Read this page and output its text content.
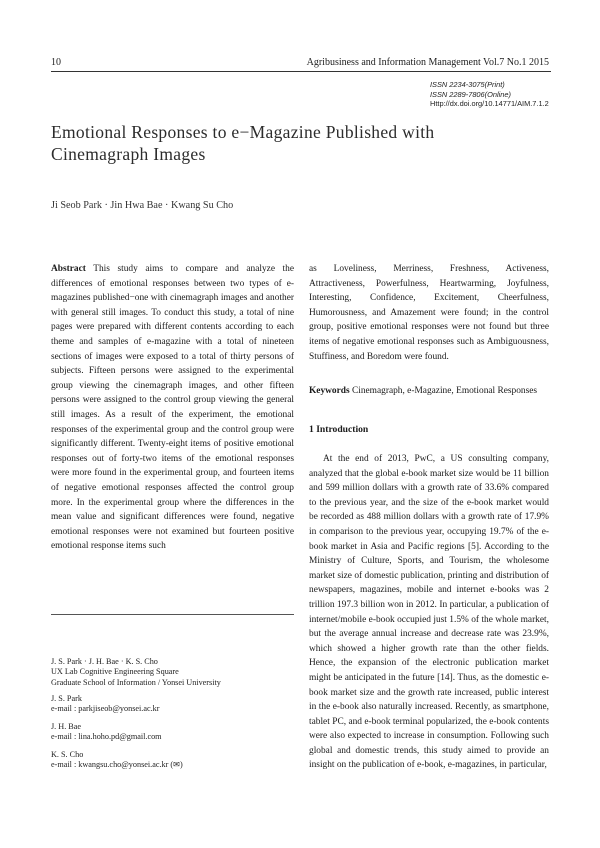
10	Agribusiness and Information Management Vol.7 No.1 2015
ISSN 2234-3075(Print)
ISSN 2289-7806(Online)
Http://dx.doi.org/10.14771/AIM.7.1.2
Emotional Responses to e−Magazine Published with
Cinemagraph Images
Ji Seob Park · Jin Hwa Bae · Kwang Su Cho

Abstract This study aims to compare and analyze the differences of emotional responses between two types of e-magazines published−one with cinemagraph images and another with general still images. To conduct this study, a total of nine pages were prepared with different contents according to each theme and samples of e-magazine with a total of nineteen sections of images were exposed to a total of thirty persons of subjects. Fifteen persons were assigned to the experimental group viewing the cinemagraph images, and other fifteen persons were assigned to the control group viewing the general still images. As a result of the experiment, the emotional responses of the experimental group and the control group were significantly different. Twenty-eight items of positive emotional responses out of forty-two items of the emotional responses were more found in the experimental group, and fourteen items of negative emotional responses affected the control group more. In the experimental group where the differences in the mean value and significant differences were found, negative emotional responses were not examined but fourteen positive emotional response items such

as Loveliness, Merriness, Freshness, Activeness, Attractiveness, Powerfulness, Heartwarming, Joyfulness, Interesting, Confidence, Excitement, Cheerfulness, Humorousness, and Amazement were found; in the control group, positive emotional responses were not found but three items of negative emotional responses such as Ambiguousness, Stuffiness, and Boredom were found.

Keywords Cinemagraph, e-Magazine, Emotional Responses
1 Introduction

At the end of 2013, PwC, a US consulting company, analyzed that the global e-book market size would be 11 billion and 599 million dollars with a growth rate of 33.6% compared to the previous year, and the size of the e-book market would be recorded as 488 million dollars with a growth rate of 17.9% in comparison to the previous year, occupying 19.7% of the e-book market in Asia and Pacific regions [5]. According to the Ministry of Culture, Sports, and Tourism, the wholesome market size of domestic publication, printing and distribution of newspapers, magazines, mobile and internet e-books was 2 trillion 197.3 billion won in 2012. In particular, a publication of internet/mobile e-book occupied just 1.5% of the whole market, but the average annual increase and decrease rate was 23.9%, which showed a higher growth rate than the other fields. Hence, the expansion of the electronic publication market might be anticipated in the future [14]. Thus, as the domestic e-book market size and the growth rate increased, public interest in the e-book also naturally increased. Recently, as smartphone, tablet PC, and e-book terminal popularized, the e-book contents were also expected to increase in consumption. Following such global and domestic trends, this study aimed to provide an insight on the publication of e-book, e-magazines, in particular,

J. S. Park · J. H. Bae · K. S. Cho
UX Lab Cognitive Engineering Square
Graduate School of Information / Yonsei University
J. S. Park
e-mail : parkjiseob@yonsei.ac.kr
J. H. Bae
e-mail : lina.hoho.pd@gmail.com
K. S. Cho
e-mail : kwangsu.cho@yonsei.ac.kr (✉)
